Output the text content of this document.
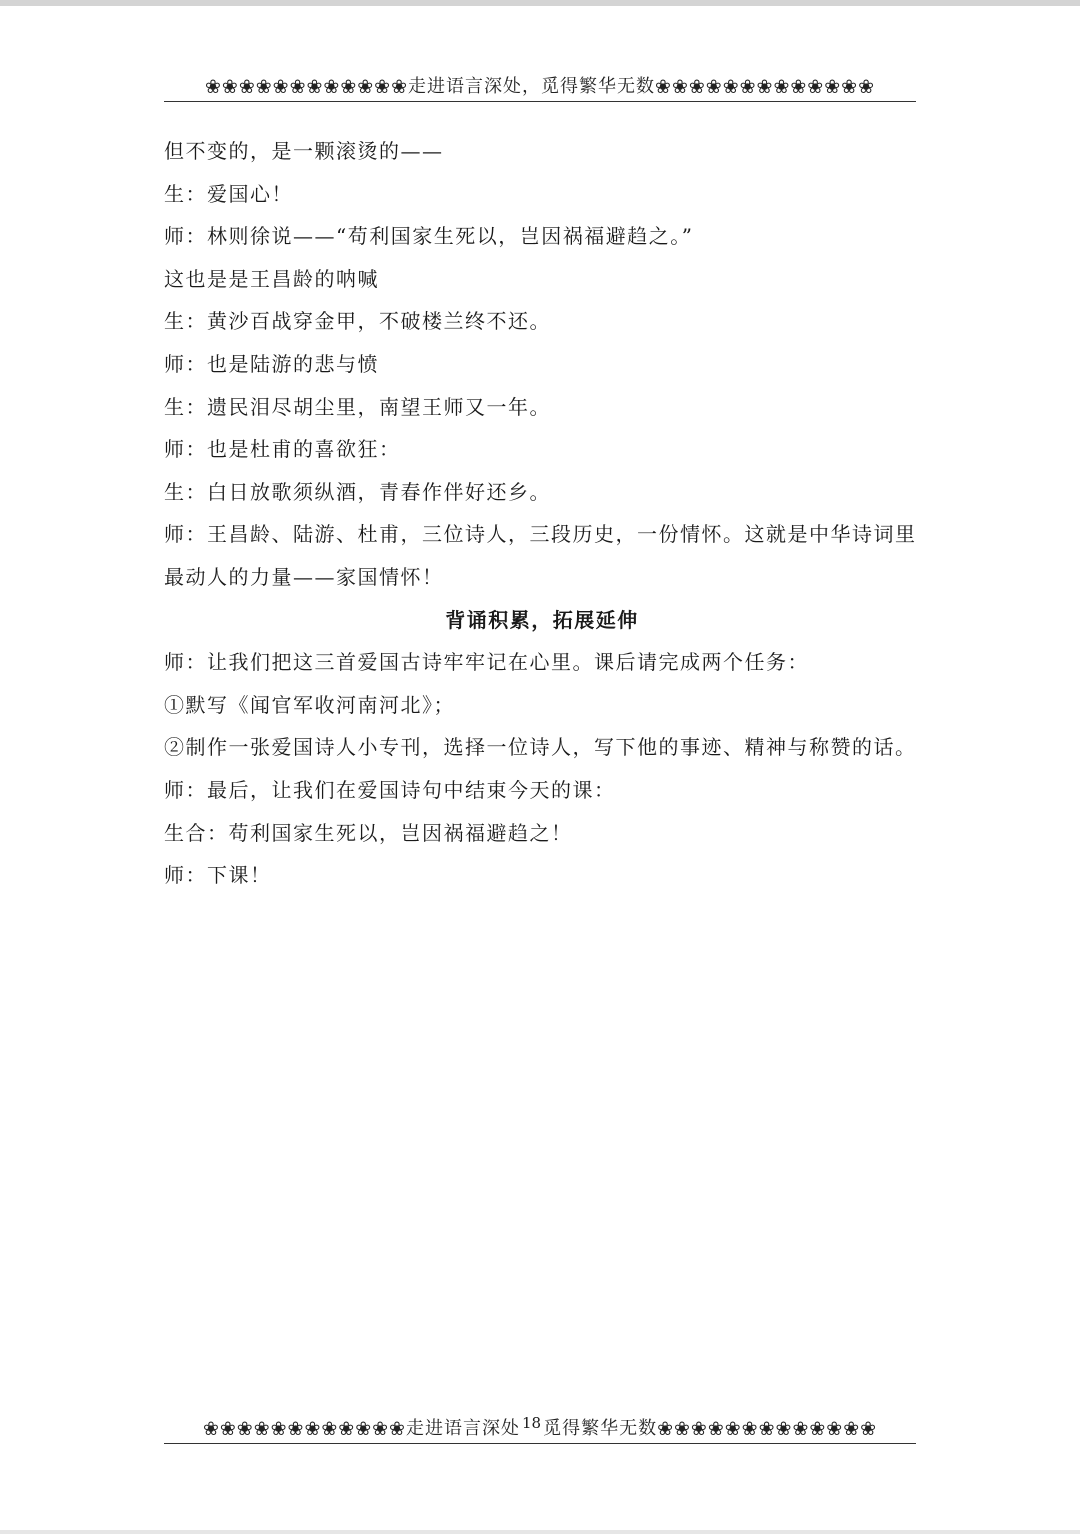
❀❀❀❀❀❀❀❀❀❀❀❀ 走进语言深处，觅得繁华无数 ❀❀❀❀❀❀❀❀❀❀❀❀❀
但不变的，是一颗滚烫的——
生：爱国心！
师：林则徐说——“苟利国家生死以，岂因祸福避趋之。”
这也是是王昌龄的呐喊
生：黄沙百战穿金甲，不破楼兰终不还。
师：也是陆游的悲与愤
生：遗民泪尽胡尘里，南望王师又一年。
师：也是杜甫的喜欲狂：
生：白日放歌须纵酒，青春作伴好还乡。
师：王昌龄、陆游、杜甫，三位诗人，三段历史，一份情怀。这就是中华诗词里最动人的力量——家国情怀！
背诵积累，拓展延伸
师：让我们把这三首爱国古诗牢牢记在心里。课后请完成两个任务：
①默写《闻官军收河南河北》；
②制作一张爱国诗人小专刊，选择一位诗人，写下他的事迹、精神与称赞的话。
师：最后，让我们在爱国诗句中结束今天的课：
生合：苟利国家生死以，岂因祸福避趋之！
师：下课！
❀❀❀❀❀❀❀❀❀❀❀❀ 走进语言深处 18 觅得繁华无数 ❀❀❀❀❀❀❀❀❀❀❀❀❀
